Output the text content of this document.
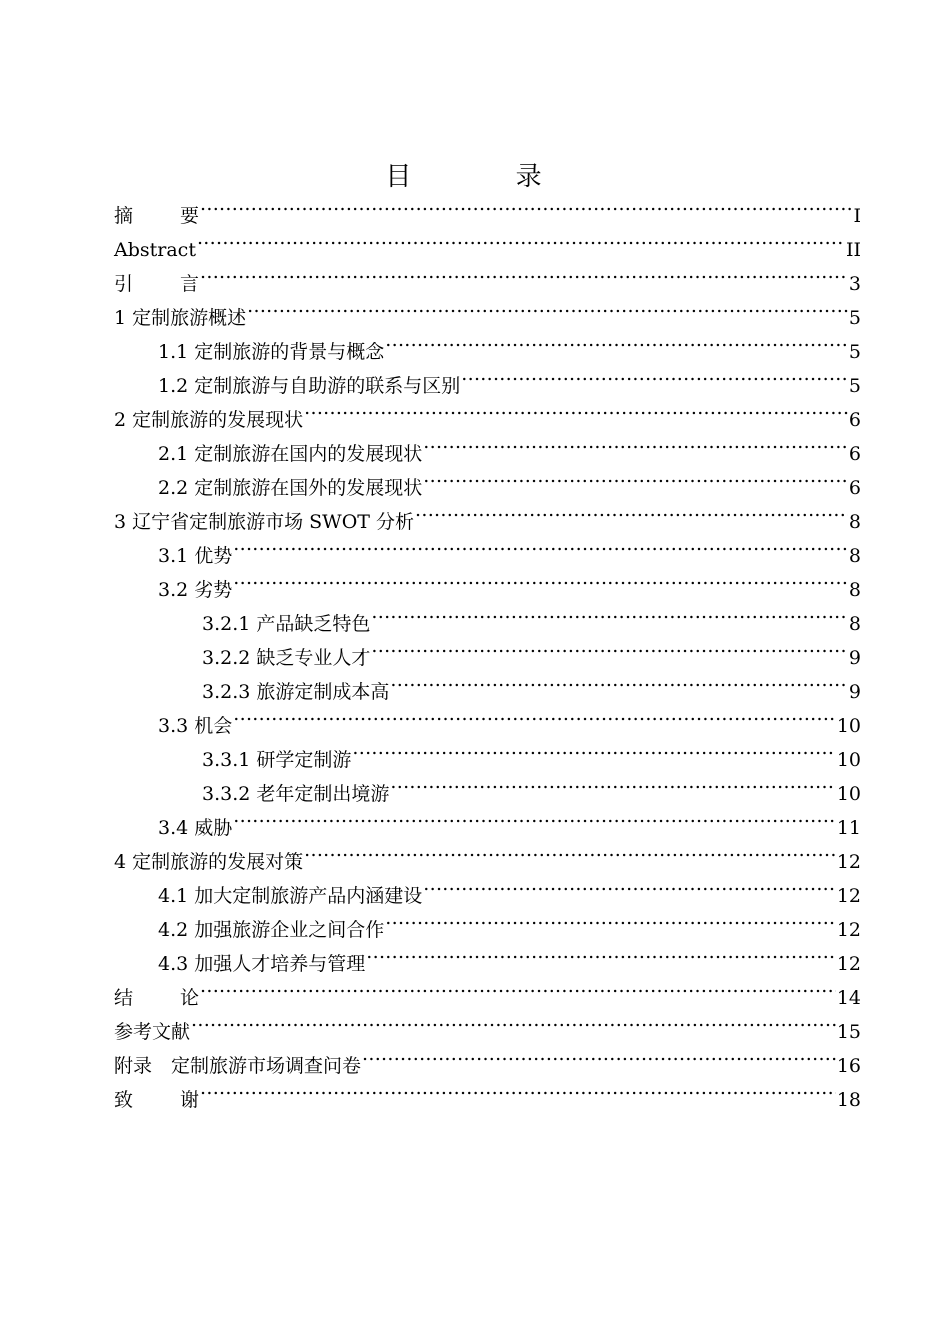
目 录
摘要 .....	I
Abstract .....	II
引言 .....	3
1 定制旅游概述 .....	5
1.1 定制旅游的背景与概念 .....	5
1.2 定制旅游与自助游的联系与区别 .....	5
2 定制旅游的发展现状 .....	6
2.1 定制旅游在国内的发展现状 .....	6
2.2 定制旅游在国外的发展现状 .....	6
3 辽宁省定制旅游市场 SWOT 分析 .....	8
3.1 优势 .....	8
3.2 劣势 .....	8
3.2.1 产品缺乏特色 .....	8
3.2.2 缺乏专业人才 .....	9
3.2.3 旅游定制成本高 .....	9
3.3 机会 .....	10
3.3.1 研学定制游 .....	10
3.3.2 老年定制出境游 .....	10
3.4 威胁 .....	11
4 定制旅游的发展对策 .....	12
4.1 加大定制旅游产品内涵建设 .....	12
4.2 加强旅游企业之间合作 .....	12
4.3 加强人才培养与管理 .....	12
结论 .....	14
参考文献 .....	15
附录　定制旅游市场调查问卷 .....	16
致谢 .....	18
